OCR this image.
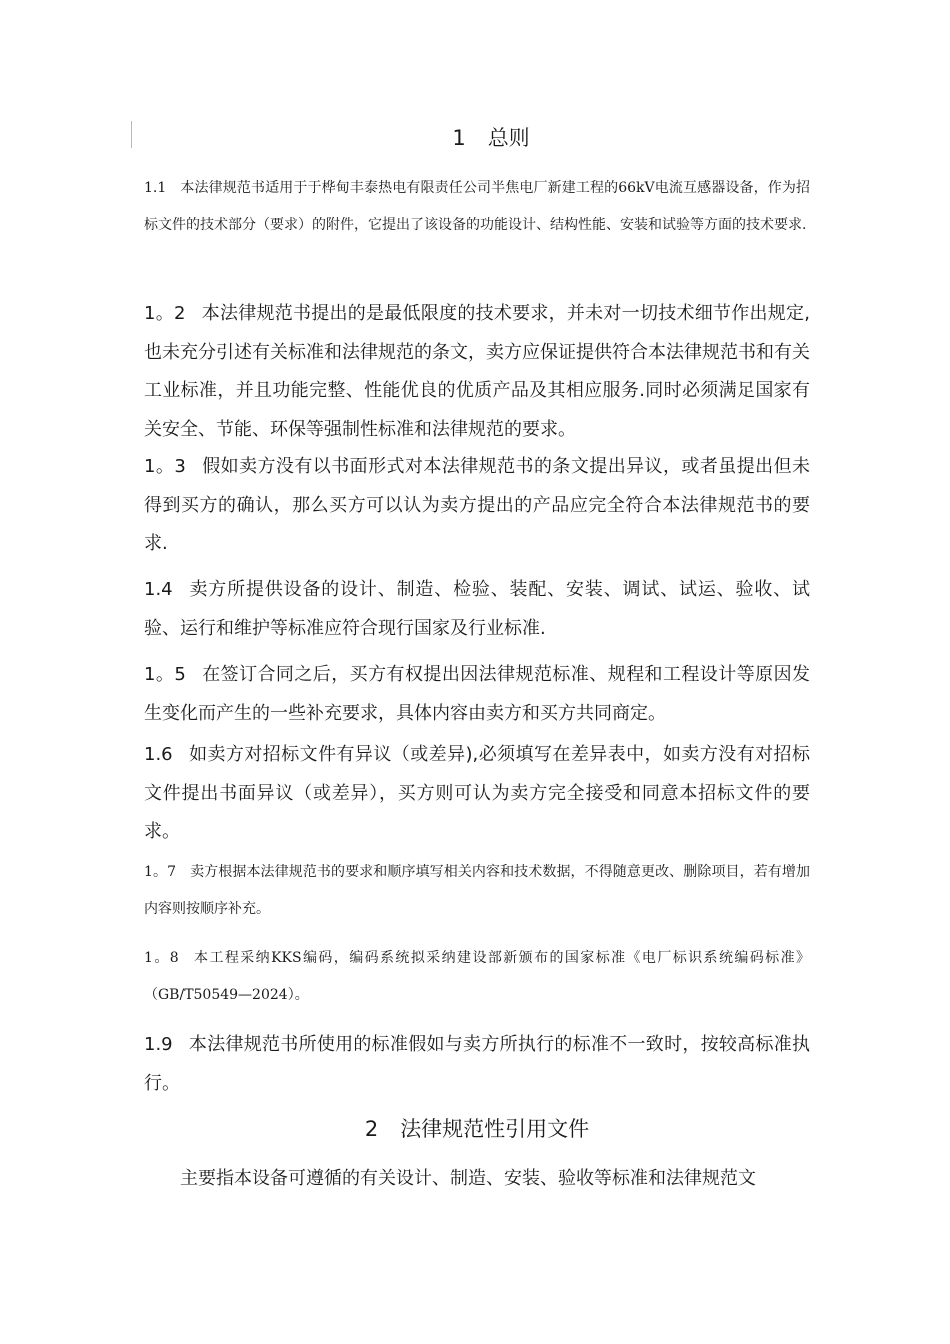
1 总则
1.1 本法律规范书适用于于桦甸丰泰热电有限责任公司半焦电厂新建工程的66kV电流互感器设备，作为招标文件的技术部分（要求）的附件，它提出了该设备的功能设计、结构性能、安装和试验等方面的技术要求.
1。2 本法律规范书提出的是最低限度的技术要求，并未对一切技术细节作出规定,也未充分引述有关标准和法律规范的条文，卖方应保证提供符合本法律规范书和有关工业标准，并且功能完整、性能优良的优质产品及其相应服务.同时必须满足国家有关安全、节能、环保等强制性标准和法律规范的要求。
1。3 假如卖方没有以书面形式对本法律规范书的条文提出异议，或者虽提出但未得到买方的确认，那么买方可以认为卖方提出的产品应完全符合本法律规范书的要求.
1.4 卖方所提供设备的设计、制造、检验、装配、安装、调试、试运、验收、试验、运行和维护等标准应符合现行国家及行业标准.
1。5 在签订合同之后，买方有权提出因法律规范标准、规程和工程设计等原因发生变化而产生的一些补充要求，具体内容由卖方和买方共同商定。
1.6 如卖方对招标文件有异议（或差异),必须填写在差异表中，如卖方没有对招标文件提出书面异议（或差异），买方则可认为卖方完全接受和同意本招标文件的要求。
1。7 卖方根据本法律规范书的要求和顺序填写相关内容和技术数据，不得随意更改、删除项目，若有增加内容则按顺序补充。
1。8 本工程采纳KKS编码，编码系统拟采纳建设部新颁布的国家标准《电厂标识系统编码标准》（GB/T50549—2024）。
1.9 本法律规范书所使用的标准假如与卖方所执行的标准不一致时，按较高标准执行。
2 法律规范性引用文件
主要指本设备可遵循的有关设计、制造、安装、验收等标准和法律规范文
